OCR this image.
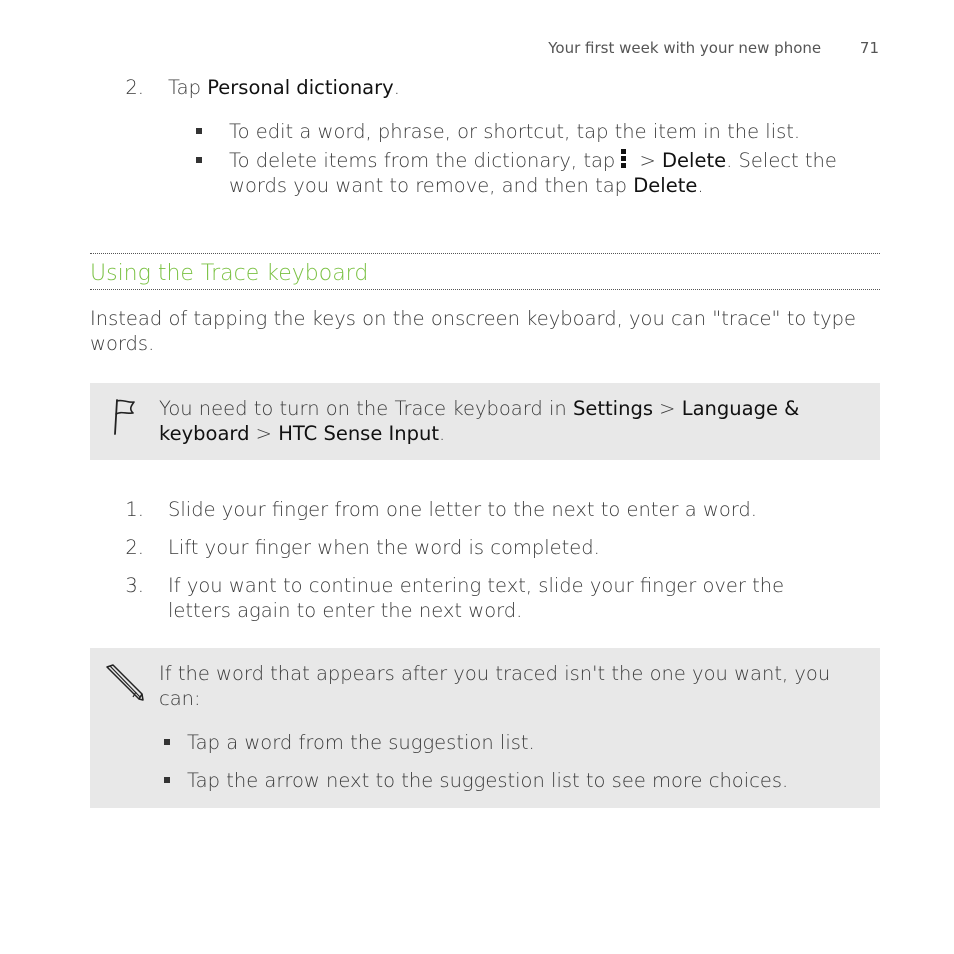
Your first week with your new phone	71
2. Tap Personal dictionary.
To edit a word, phrase, or shortcut, tap the item in the list.
To delete items from the dictionary, tap
> Delete. Select the words you want to remove, and then tap Delete.
Using the Trace keyboard
Instead of tapping the keys on the onscreen keyboard, you can "trace" to type words.
You need to turn on the Trace keyboard in Settings > Language & keyboard > HTC Sense Input.
1. Slide your finger from one letter to the next to enter a word.
2. Lift your finger when the word is completed.
3. If you want to continue entering text, slide your finger over the letters again to enter the next word.
If the word that appears after you traced isn't the one you want, you can:
Tap a word from the suggestion list.
Tap the arrow next to the suggestion list to see more choices.
